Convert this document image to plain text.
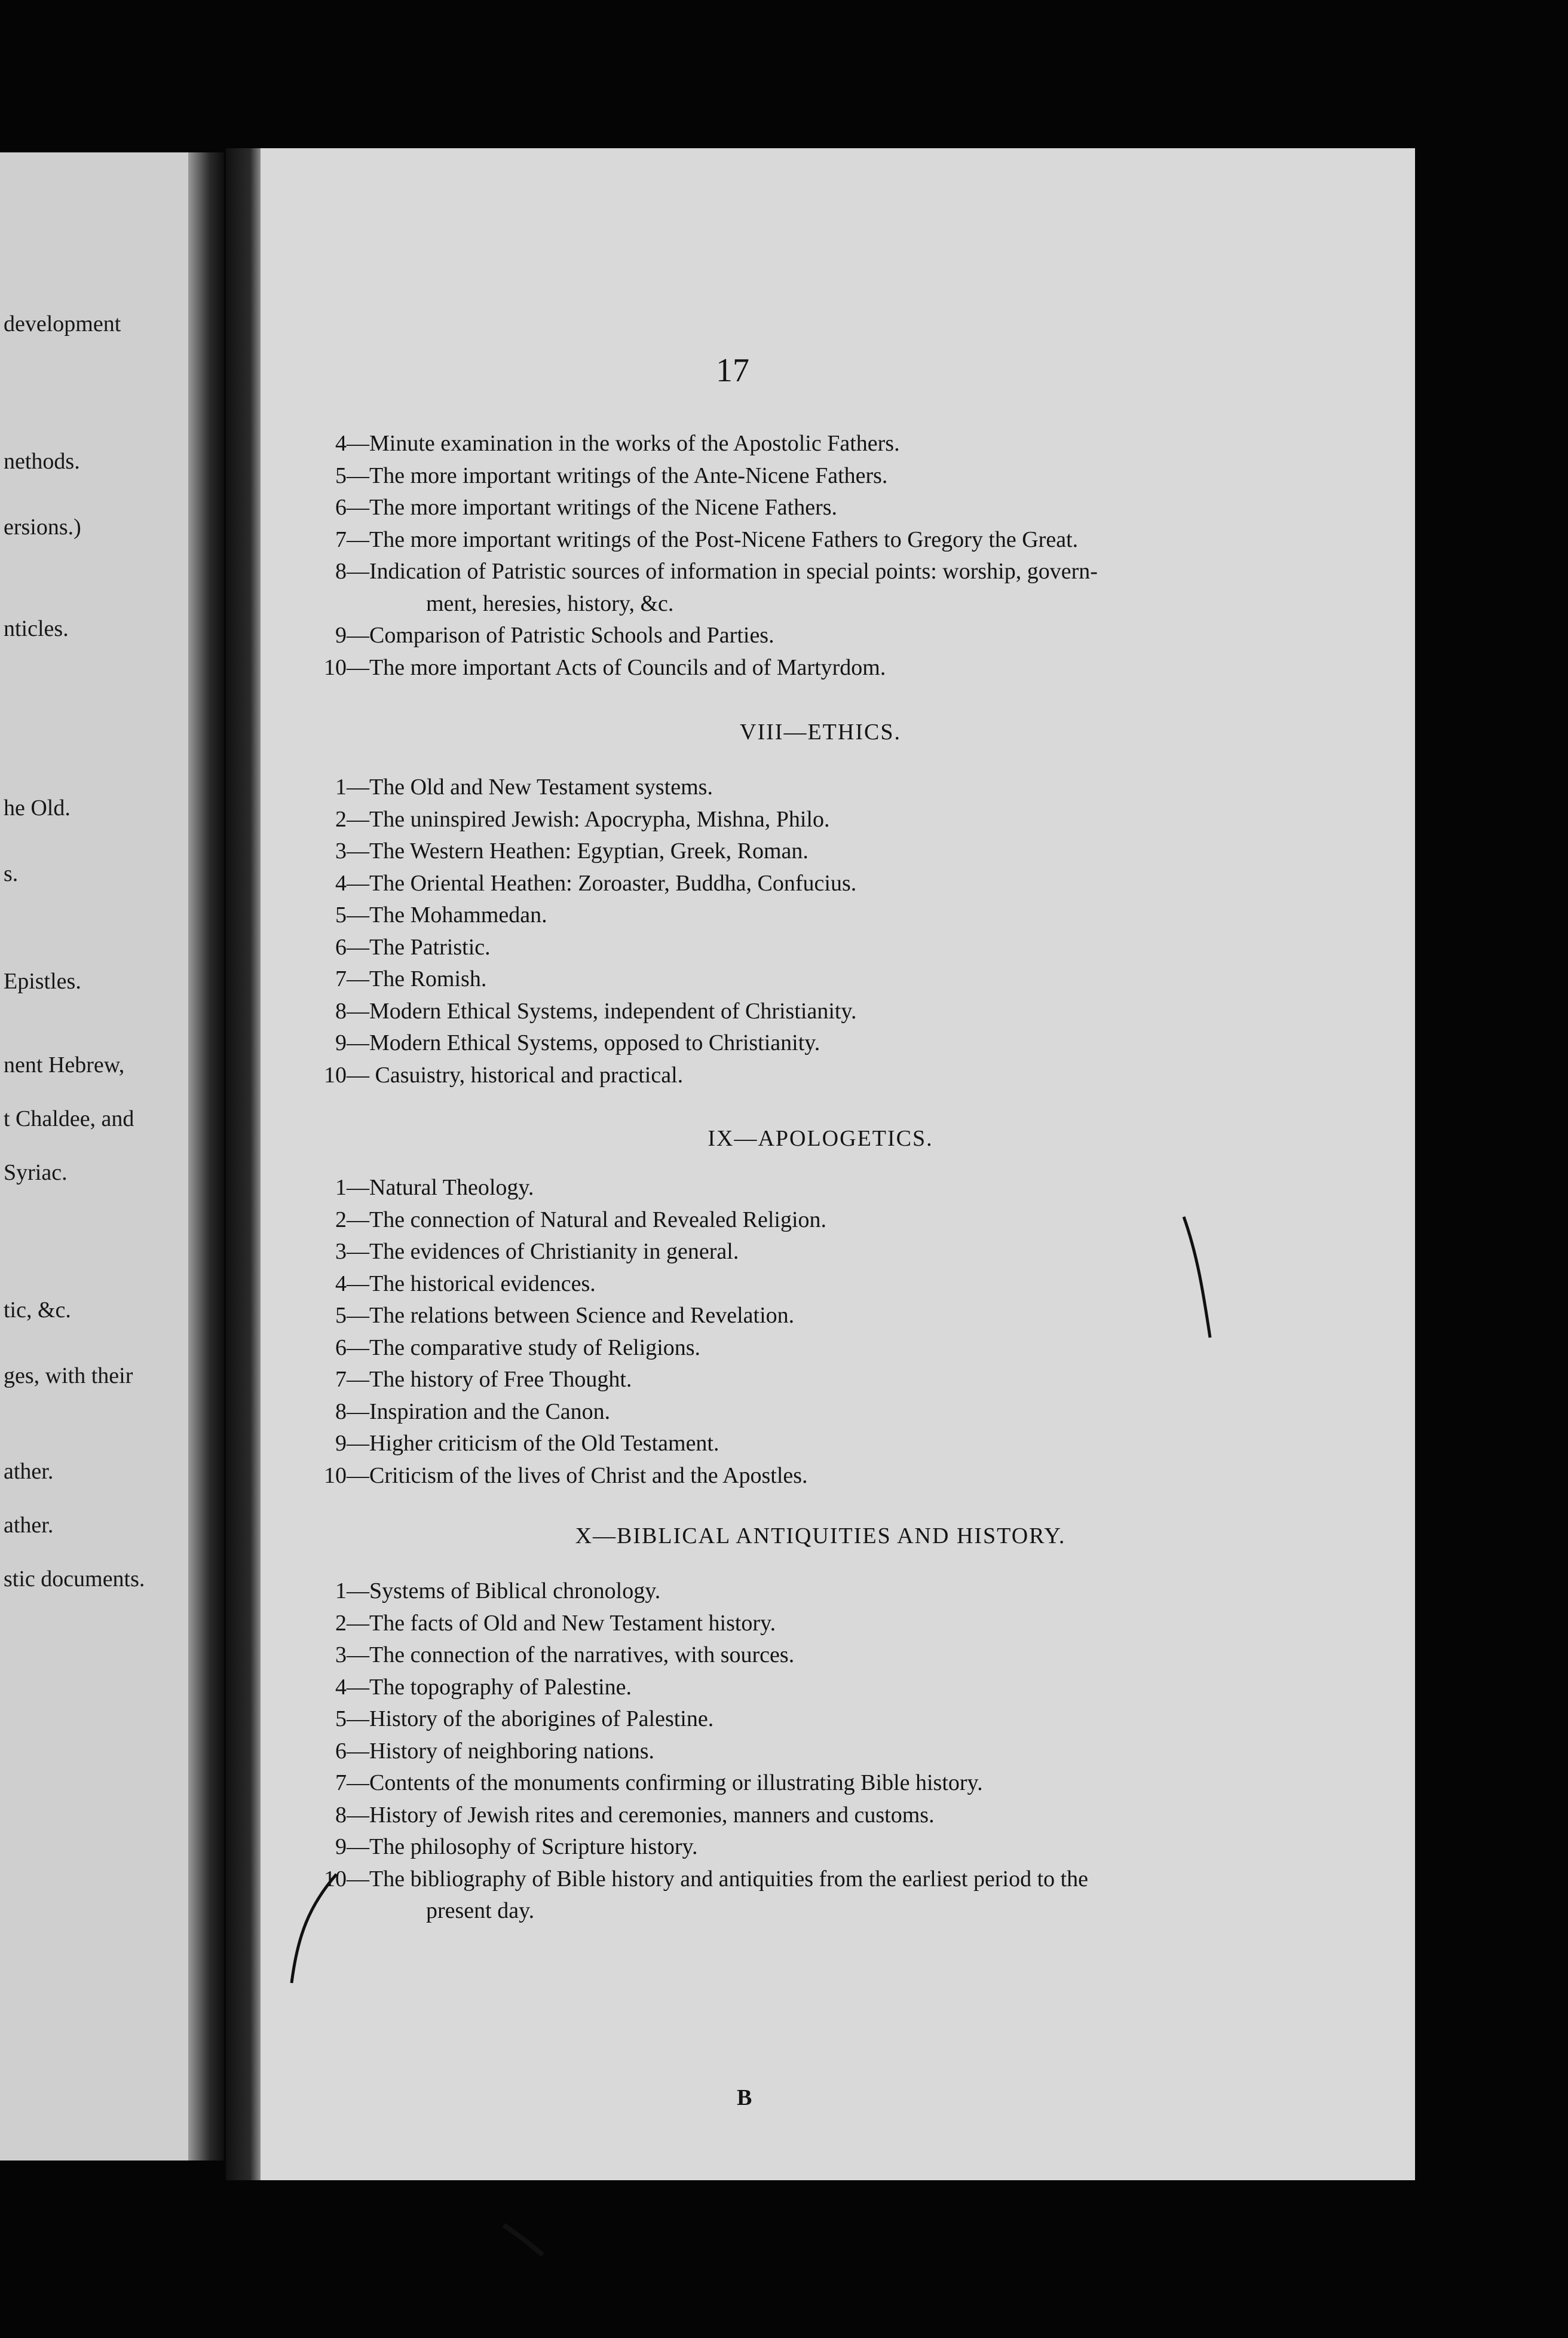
development
nethods.
ersions.)
nticles.
he Old.
s.
Epistles.
nent Hebrew,
t Chaldee, and
Syriac.
tic, &c.
ges, with their
ather.
ather.
stic documents.
17
4—Minute examination in the works of the Apostolic Fathers.
5—The more important writings of the Ante-Nicene Fathers.
6—The more important writings of the Nicene Fathers.
7—The more important writings of the Post-Nicene Fathers to Gregory the Great.
8—Indication of Patristic sources of information in special points: worship, govern-
ment, heresies, history, &c.
9—Comparison of Patristic Schools and Parties.
10—The more important Acts of Councils and of Martyrdom.
VIII—ETHICS.
1—The Old and New Testament systems.
2—The uninspired Jewish: Apocrypha, Mishna, Philo.
3—The Western Heathen: Egyptian, Greek, Roman.
4—The Oriental Heathen: Zoroaster, Buddha, Confucius.
5—The Mohammedan.
6—The Patristic.
7—The Romish.
8—Modern Ethical Systems, independent of Christianity.
9—Modern Ethical Systems, opposed to Christianity.
10— Casuistry, historical and practical.
IX—APOLOGETICS.
1—Natural Theology.
2—The connection of Natural and Revealed Religion.
3—The evidences of Christianity in general.
4—The historical evidences.
5—The relations between Science and Revelation.
6—The comparative study of Religions.
7—The history of Free Thought.
8—Inspiration and the Canon.
9—Higher criticism of the Old Testament.
10—Criticism of the lives of Christ and the Apostles.
X—BIBLICAL ANTIQUITIES AND HISTORY.
1—Systems of Biblical chronology.
2—The facts of Old and New Testament history.
3—The connection of the narratives, with sources.
4—The topography of Palestine.
5—History of the aborigines of Palestine.
6—History of neighboring nations.
7—Contents of the monuments confirming or illustrating Bible history.
8—History of Jewish rites and ceremonies, manners and customs.
9—The philosophy of Scripture history.
10—The bibliography of Bible history and antiquities from the earliest period to the
present day.
B
